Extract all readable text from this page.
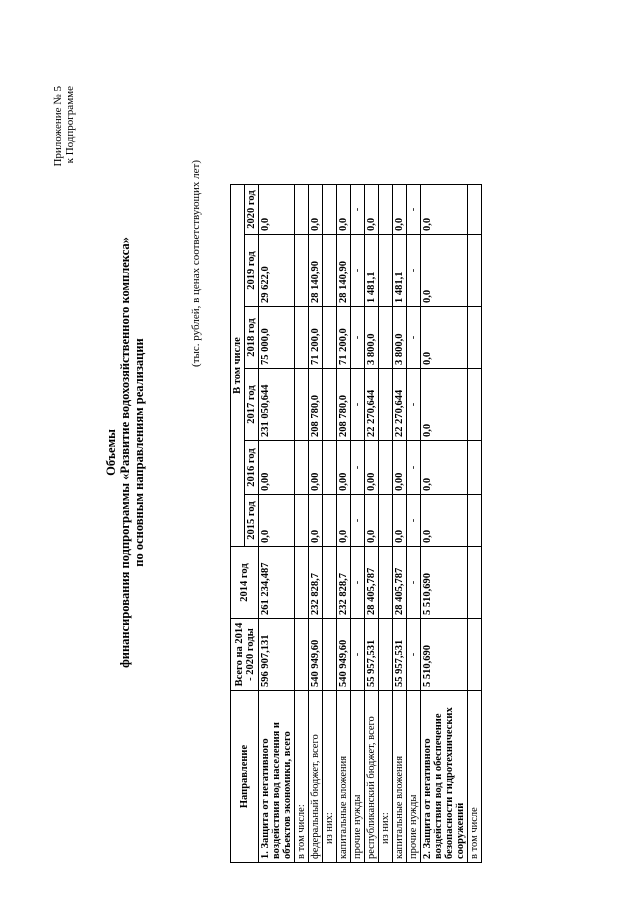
Приложение № 5 к Подпрограмме
Объемы финансирования подпрограммы «Развитие водохозяйственного комплекса» по основным направлениям реализации
(тыс. рублей, в ценах соответствующих лет)
Направление	Всего на 2014 - 2020 годы	2014 год	В том числе					
			2015 год	2016 год	2017 год	2018 год	2019 год	2020 год
1. Защита от негативного воздействия вод населения и объектов экономики, всего	596 907,131	261 234,487	0,0	0,00	231 050,644	75 000,0	29 622,0	0,0
в том числе:								
федеральный бюджет, всего	540 949,60	232 828,7	0,0	0,00	208 780,0	71 200,0	28 140,90	0,0
из них:								
капитальные вложения	540 949,60	232 828,7	0,0	0,00	208 780,0	71 200,0	28 140,90	0,0
прочие нужды	-	-	-	-	-	-	-	-
республиканский бюджет, всего	55 957,531	28 405,787	0,0	0,00	22 270,644	3 800,0	1 481,1	0,0
из них:								
капитальные вложения	55 957,531	28 405,787	0,0	0,00	22 270,644	3 800,0	1 481,1	0,0
прочие нужды	-	-	-	-	-	-	-	-
2. Защита от негативного воздействия вод и обеспечение безопасности гидротехнических сооружений	5 510,690	5 510,690	0,0	0,0	0,0	0,0	0,0	0,0
в том числе								
